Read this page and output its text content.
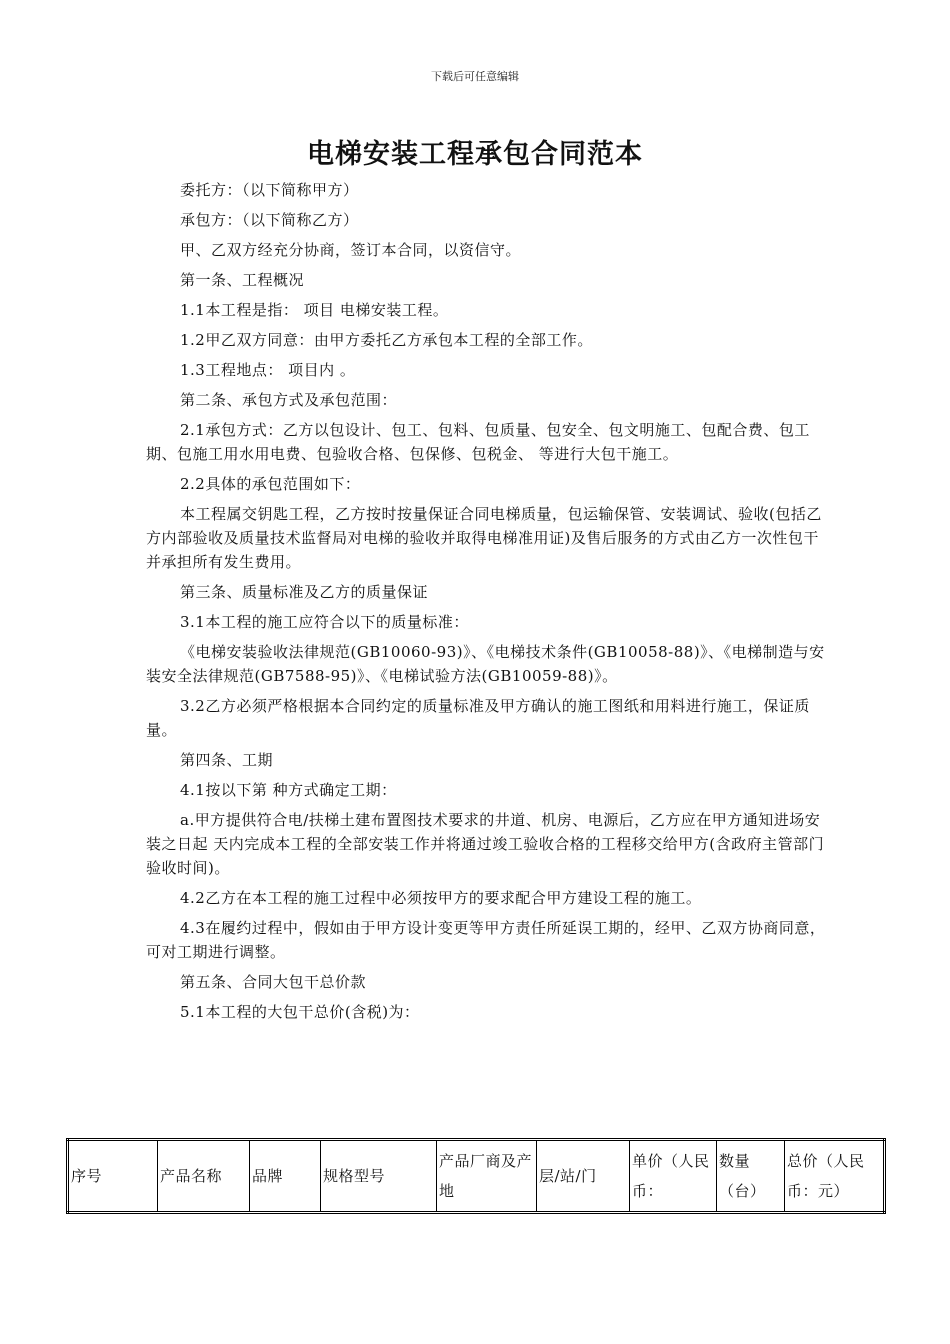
下载后可任意编辑
电梯安装工程承包合同范本

委托方：（以下简称甲方）

承包方：（以下简称乙方）

甲、乙双方经充分协商，签订本合同，以资信守。

第一条、工程概况

1.1本工程是指： 项目 电梯安装工程。

1.2甲乙双方同意：由甲方委托乙方承包本工程的全部工作。

1.3工程地点： 项目内 。

第二条、承包方式及承包范围：

2.1承包方式：乙方以包设计、包工、包料、包质量、包安全、包文明施工、包配合费、包工期、包施工用水用电费、包验收合格、包保修、包税金、 等进行大包干施工。

2.2具体的承包范围如下：

本工程属交钥匙工程，乙方按时按量保证合同电梯质量，包运输保管、安装调试、验收(包括乙方内部验收及质量技术监督局对电梯的验收并取得电梯准用证)及售后服务的方式由乙方一次性包干并承担所有发生费用。

第三条、质量标准及乙方的质量保证

3.1本工程的施工应符合以下的质量标准：

《电梯安装验收法律规范(GB10060-93)》、《电梯技术条件(GB10058-88)》、《电梯制造与安装安全法律规范(GB7588-95)》、《电梯试验方法(GB10059-88)》。

3.2乙方必须严格根据本合同约定的质量标准及甲方确认的施工图纸和用料进行施工，保证质量。

第四条、工期

4.1按以下第 种方式确定工期：

a.甲方提供符合电/扶梯土建布置图技术要求的井道、机房、电源后，乙方应在甲方通知进场安装之日起 天内完成本工程的全部安装工作并将通过竣工验收合格的工程移交给甲方(含政府主管部门验收时间)。

4.2乙方在本工程的施工过程中必须按甲方的要求配合甲方建设工程的施工。

4.3在履约过程中，假如由于甲方设计变更等甲方责任所延误工期的，经甲、乙双方协商同意，可对工期进行调整。

第五条、合同大包干总价款

5.1本工程的大包干总价(含税)为：

序号	产品名称	品牌	规格型号	产品厂商及产地	层/站/门	单价（人民币：	数量（台）	总价（人民币：元）
